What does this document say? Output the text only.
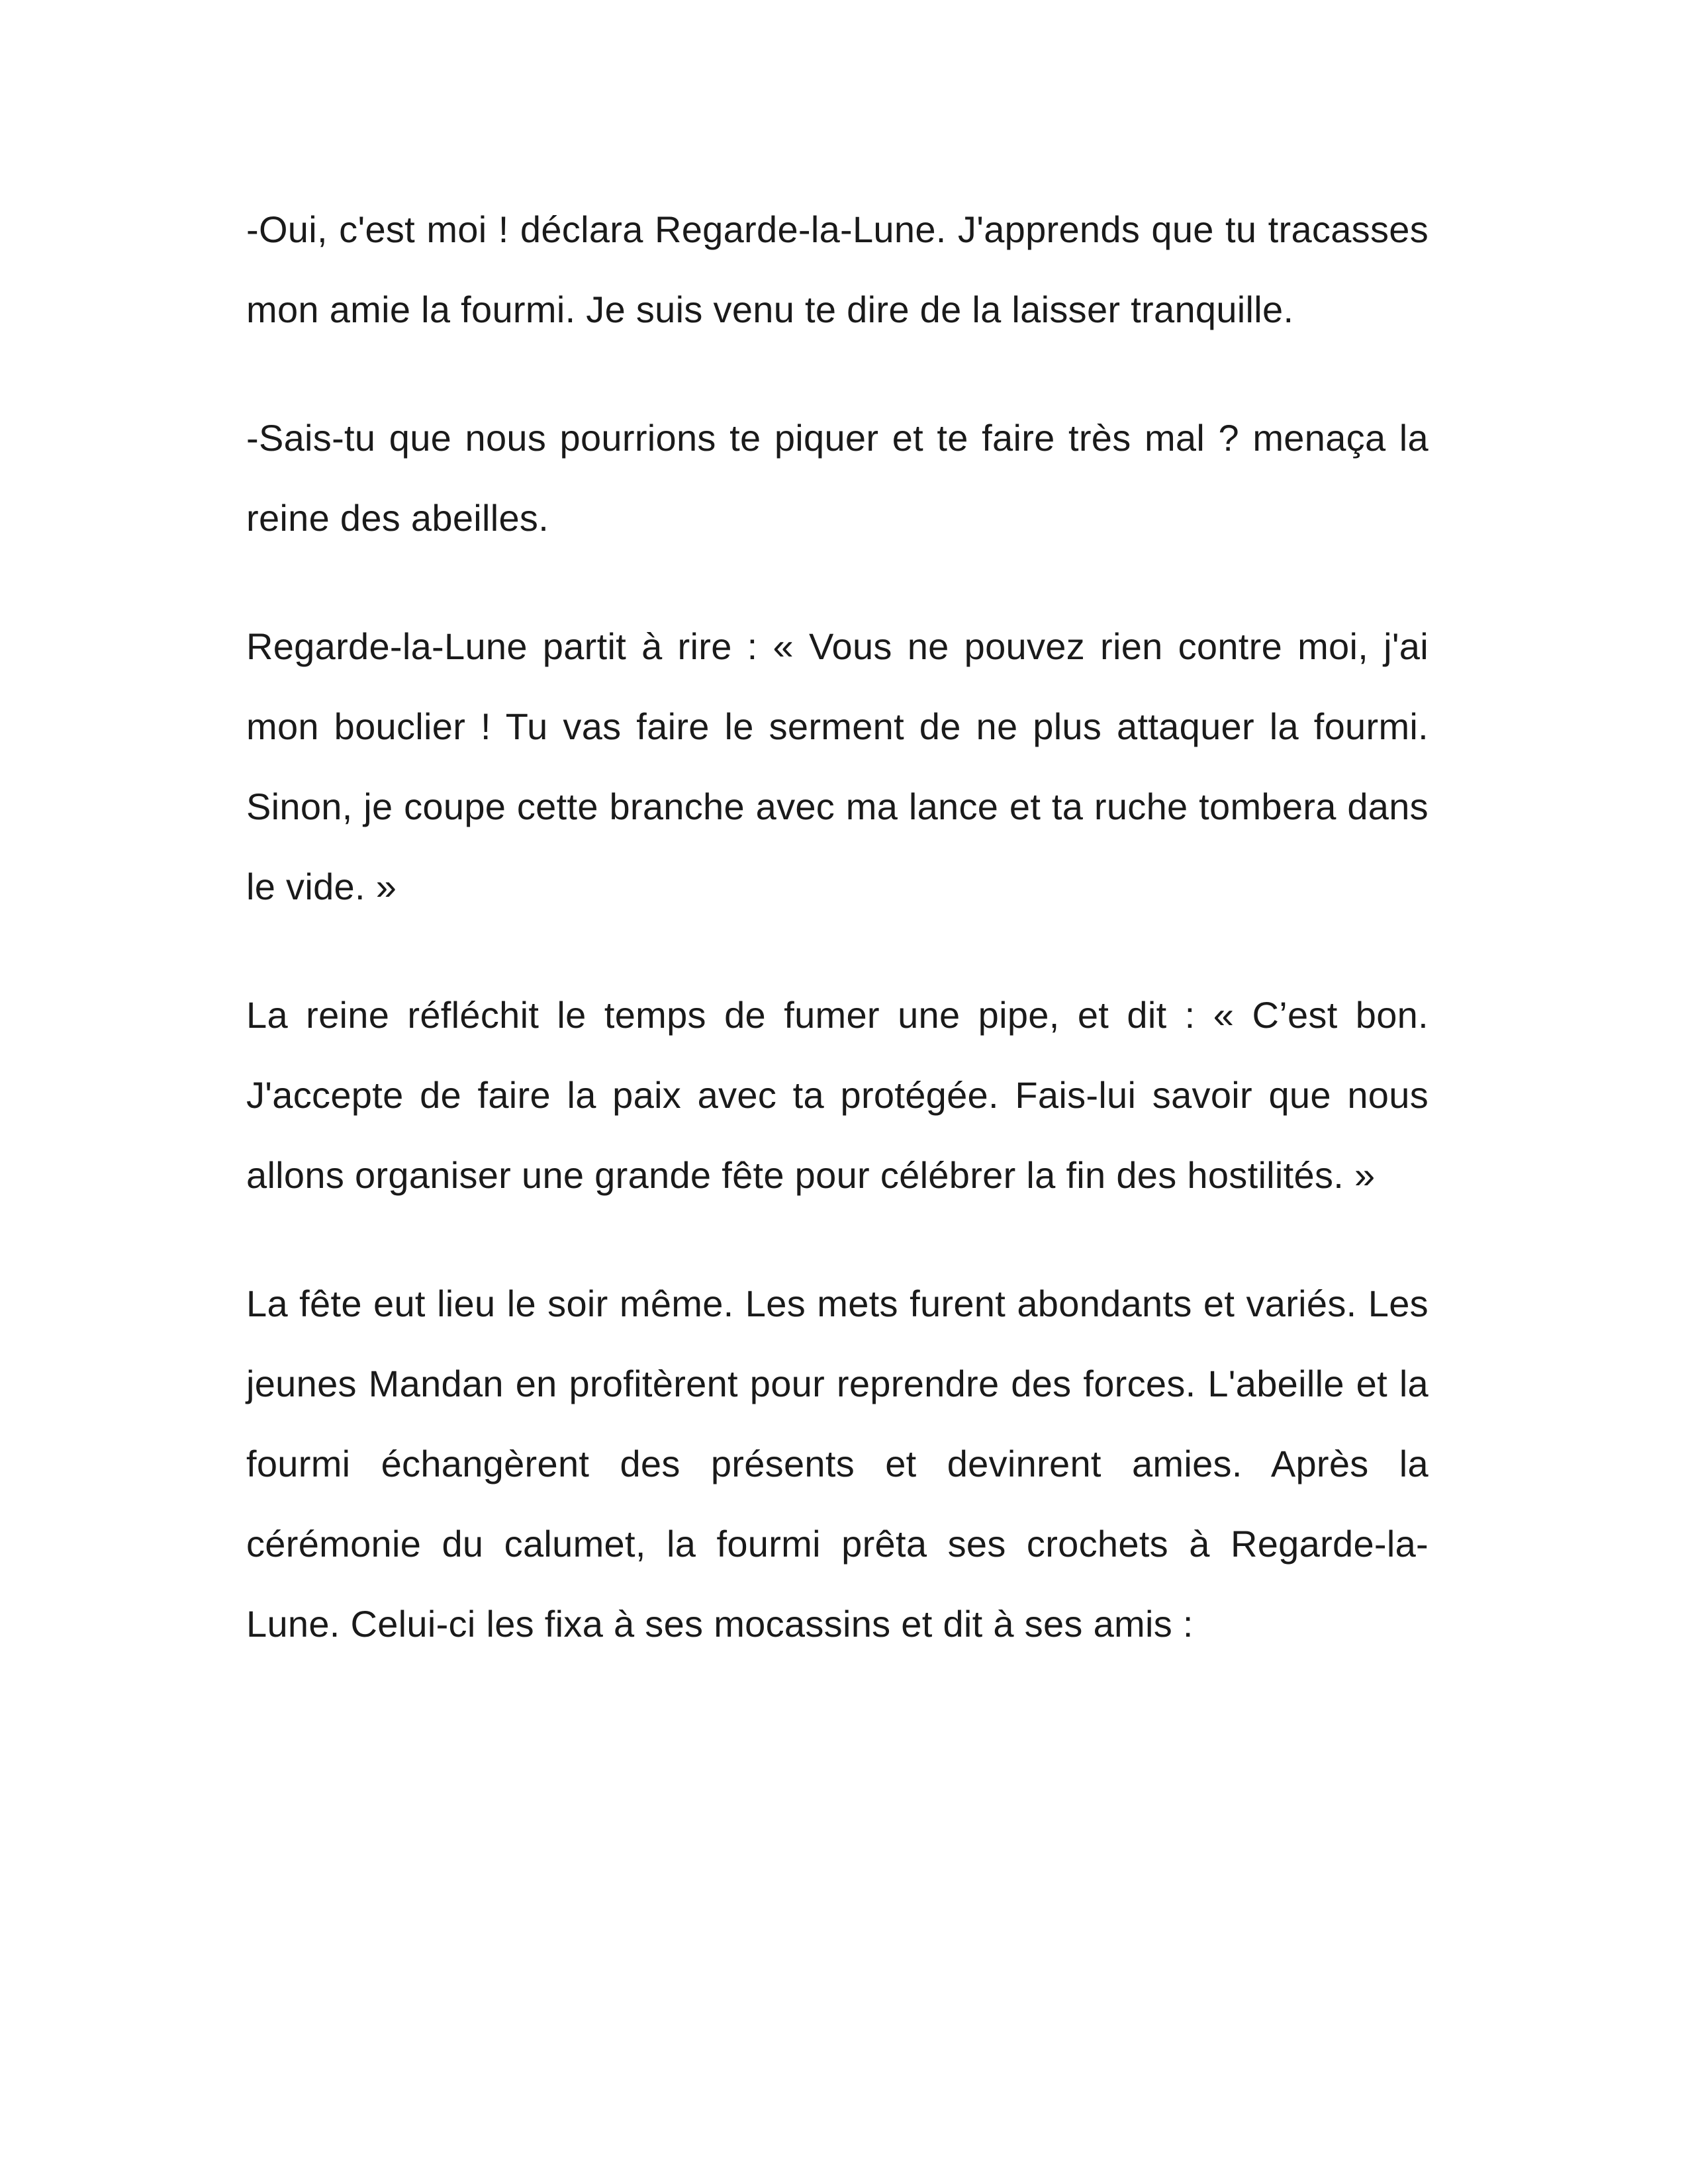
-Oui, c'est moi ! déclara Regarde-la-Lune. J'apprends que tu tracasses mon amie la fourmi. Je suis venu te dire de la laisser tranquille.

-Sais-tu que nous pourrions te piquer et te faire très mal ? menaça la reine des abeilles.

Regarde-la-Lune partit à rire : « Vous ne pouvez rien contre moi, j'ai mon bouclier ! Tu vas faire le serment de ne plus attaquer la fourmi. Sinon, je coupe cette branche avec ma lance et ta ruche tombera dans le vide. »

La reine réfléchit le temps de fumer une pipe, et dit : « C’est bon. J'accepte de faire la paix avec ta protégée. Fais-lui savoir que nous allons organiser une grande fête pour célébrer la fin des hostilités. »

La fête eut lieu le soir même. Les mets furent abondants et variés. Les jeunes Mandan en profitèrent pour reprendre des forces. L'abeille et la fourmi échangèrent des présents et devinrent amies. Après la cérémonie du calumet, la fourmi prêta ses crochets à Regarde-la- Lune. Celui-ci les fixa à ses mocassins et dit à ses amis :
